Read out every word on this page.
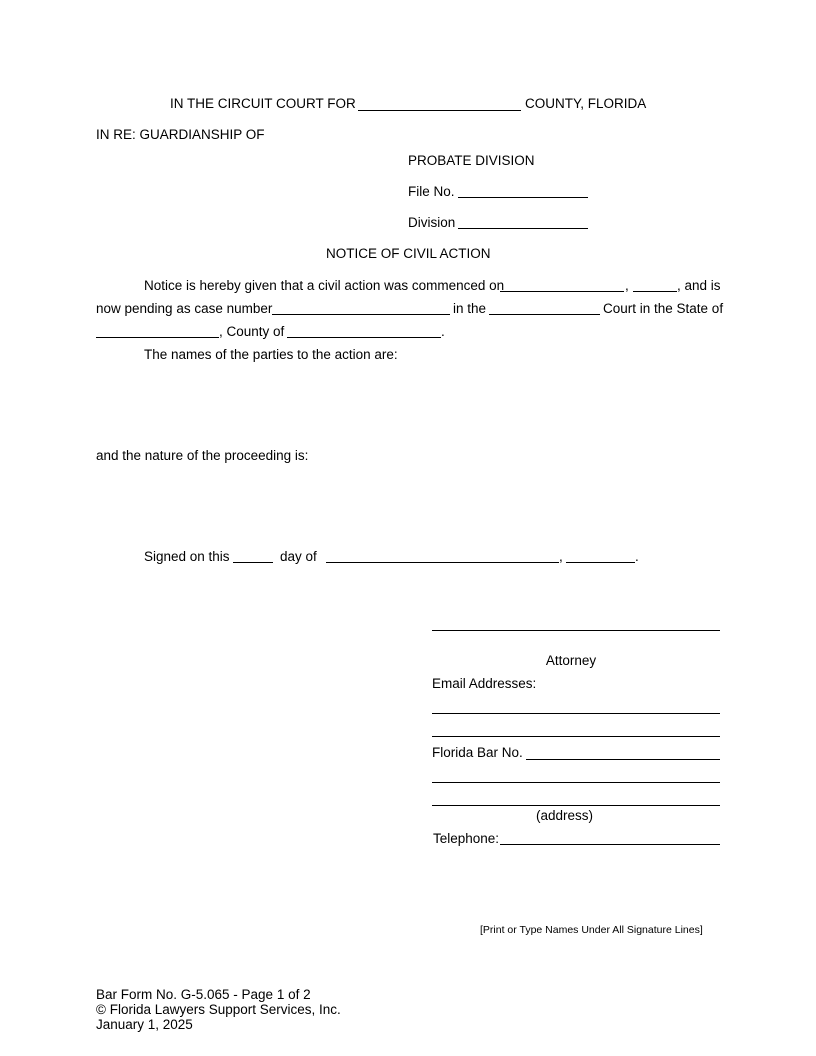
IN THE CIRCUIT COURT FOR	COUNTY, FLORIDA
IN RE: GUARDIANSHIP OF
PROBATE DIVISION
File No.
Division
NOTICE OF CIVIL ACTION
Notice is hereby given that a civil action was commenced on	,	, and is
now pending as case number	in the	Court in the State of
, County of	.
The names of the parties to the action are:
and the nature of the proceeding is:
Signed on this	day of	,	.
Attorney
Email Addresses:
Florida Bar No.
(address)
Telephone:
[Print or Type Names Under All Signature Lines]
Bar Form No. G-5.065 - Page 1 of 2
© Florida Lawyers Support Services, Inc.
January 1, 2025
